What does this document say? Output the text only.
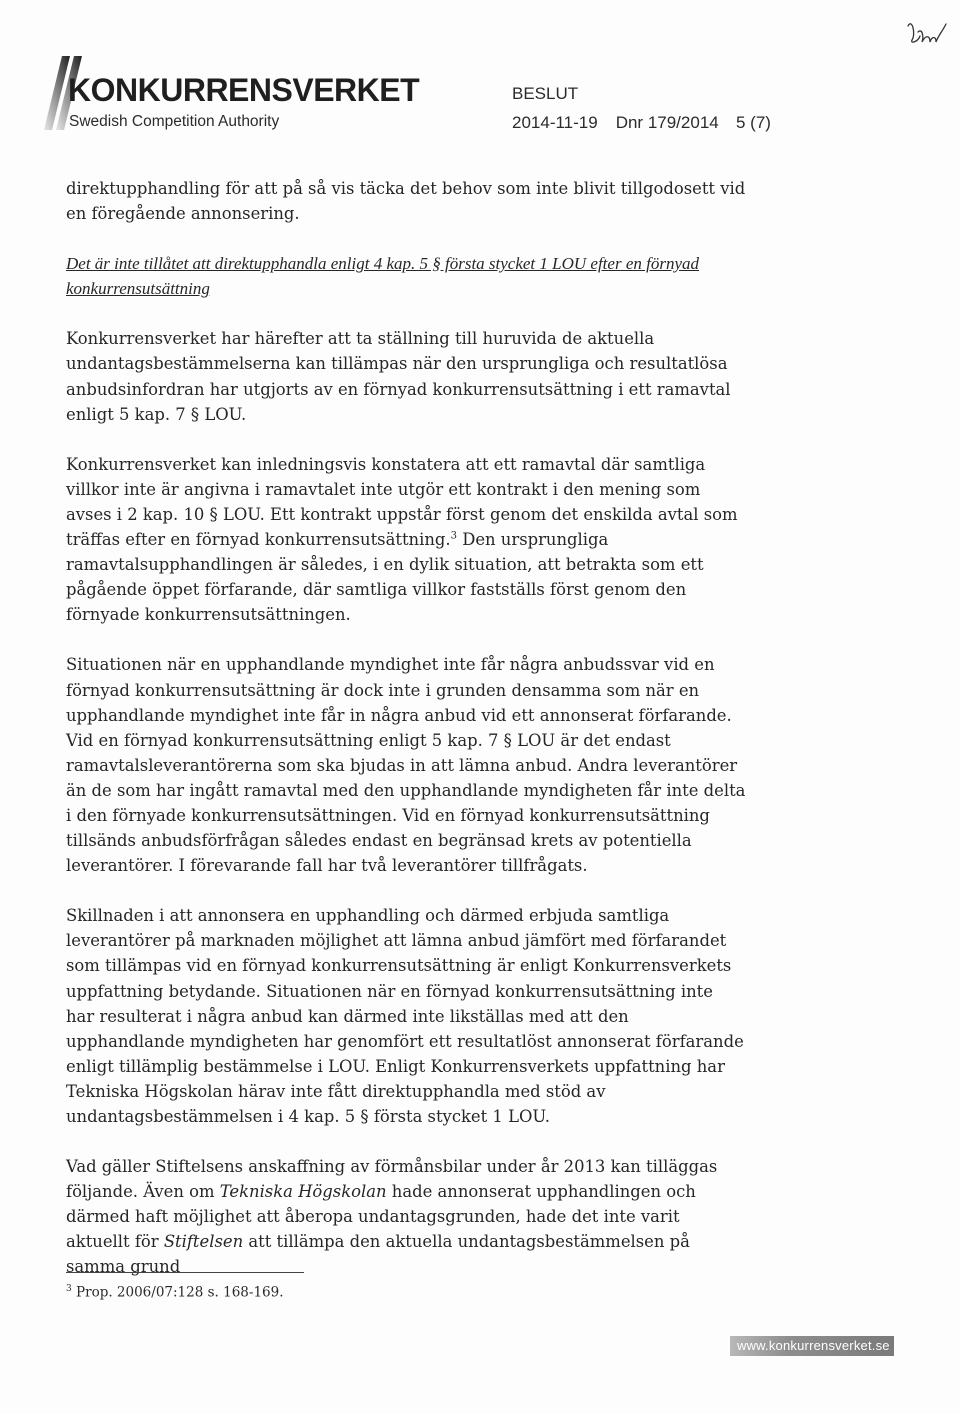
KONKURRENSVERKET
Swedish Competition Authority
BESLUT
2014-11-19 Dnr 179/2014 5 (7)

direktupphandling för att på så vis täcka det behov som inte blivit tillgodosett vid en föregående annonsering.

Det är inte tillåtet att direktupphandla enligt 4 kap. 5 § första stycket 1 LOU efter en förnyad konkurrensutsättning

Konkurrensverket har härefter att ta ställning till huruvida de aktuella undantagsbestämmelserna kan tillämpas när den ursprungliga och resultatlösa anbudsinfordran har utgjorts av en förnyad konkurrensutsättning i ett ramavtal enligt 5 kap. 7 § LOU.

Konkurrensverket kan inledningsvis konstatera att ett ramavtal där samtliga villkor inte är angivna i ramavtalet inte utgör ett kontrakt i den mening som avses i 2 kap. 10 § LOU. Ett kontrakt uppstår först genom det enskilda avtal som träffas efter en förnyad konkurrensutsättning.$^3$ Den ursprungliga ramavtalsupphandlingen är således, i en dylik situation, att betrakta som ett pågående öppet förfarande, där samtliga villkor fastställs först genom den förnyade konkurrensutsättningen.

Situationen när en upphandlande myndighet inte får några anbudssvar vid en förnyad konkurrensutsättning är dock inte i grunden densamma som när en upphandlande myndighet inte får in några anbud vid ett annonserat förfarande. Vid en förnyad konkurrensutsättning enligt 5 kap. 7 § LOU är det endast ramavtalsleverantörerna som ska bjudas in att lämna anbud. Andra leverantörer än de som har ingått ramavtal med den upphandlande myndigheten får inte delta i den förnyade konkurrensutsättningen. Vid en förnyad konkurrensutsättning tillsänds anbudsförfrågan således endast en begränsad krets av potentiella leverantörer. I förevarande fall har två leverantörer tillfrågats.

Skillnaden i att annonsera en upphandling och därmed erbjuda samtliga leverantörer på marknaden möjlighet att lämna anbud jämfört med förfarandet som tillämpas vid en förnyad konkurrensutsättning är enligt Konkurrensverkets uppfattning betydande. Situationen när en förnyad konkurrensutsättning inte har resulterat i några anbud kan därmed inte likställas med att den upphandlande myndigheten har genomfört ett resultatlöst annonserat förfarande enligt tillämplig bestämmelse i LOU. Enligt Konkurrensverkets uppfattning har Tekniska Högskolan härav inte fått direktupphandla med stöd av undantagsbestämmelsen i 4 kap. 5 § första stycket 1 LOU.

Vad gäller Stiftelsens anskaffning av förmånsbilar under år 2013 kan tilläggas följande. Även om Tekniska Högskolan hade annonserat upphandlingen och därmed haft möjlighet att åberopa undantagsgrunden, hade det inte varit aktuellt för Stiftelsen att tillämpa den aktuella undantagsbestämmelsen på samma grund

$^3$ Prop. 2006/07:128 s. 168-169.
www.konkurrensverket.se
